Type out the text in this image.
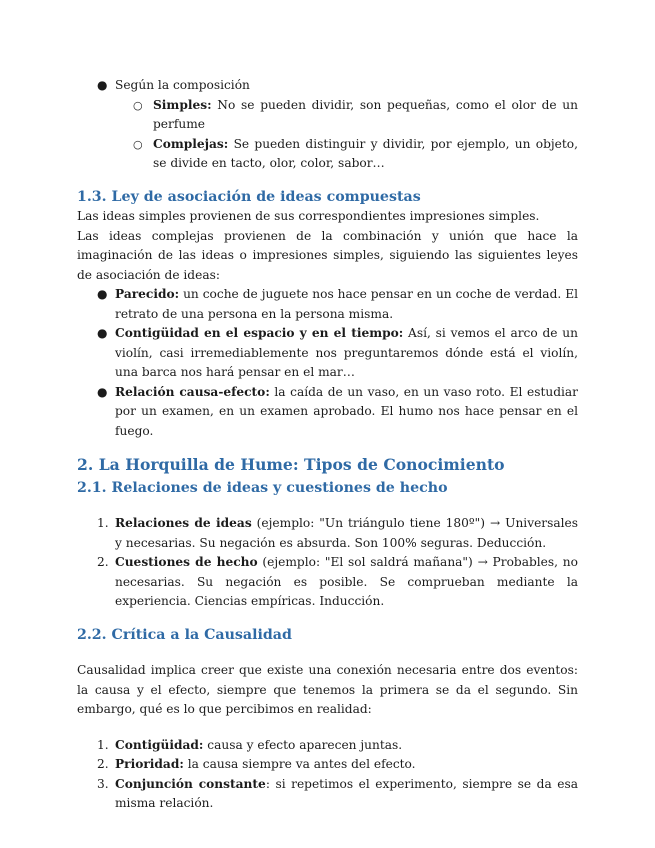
● Según la composición
○ Simples: No se pueden dividir, son pequeñas, como el olor de un perfume
○ Complejas: Se pueden distinguir y dividir, por ejemplo, un objeto, se divide en tacto, olor, color, sabor…
1.3. Ley de asociación de ideas compuestas

Las ideas simples provienen de sus correspondientes impresiones simples.

Las ideas complejas provienen de la combinación y unión que hace la imaginación de las ideas o impresiones simples, siguiendo las siguientes leyes de asociación de ideas:

● Parecido: un coche de juguete nos hace pensar en un coche de verdad. El retrato de una persona en la persona misma.
● Contigüidad en el espacio y en el tiempo: Así, si vemos el arco de un violín, casi irremediablemente nos preguntaremos dónde está el violín, una barca nos hará pensar en el mar…
● Relación causa-efecto: la caída de un vaso, en un vaso roto. El estudiar por un examen, en un examen aprobado. El humo nos hace pensar en el fuego.
2. La Horquilla de Hume: Tipos de Conocimiento
2.1. Relaciones de ideas y cuestiones de hecho
1. Relaciones de ideas (ejemplo: "Un triángulo tiene 180º") → Universales y necesarias. Su negación es absurda. Son 100% seguras. Deducción.
2. Cuestiones de hecho (ejemplo: "El sol saldrá mañana") → Probables, no necesarias. Su negación es posible. Se comprueban mediante la experiencia. Ciencias empíricas. Inducción.
2.2. Crítica a la Causalidad

Causalidad implica creer que existe una conexión necesaria entre dos eventos: la causa y el efecto, siempre que tenemos la primera se da el segundo. Sin embargo, qué es lo que percibimos en realidad:

1. Contigüidad: causa y efecto aparecen juntas.
2. Prioridad: la causa siempre va antes del efecto.
3. Conjunción constante: si repetimos el experimento, siempre se da esa misma relación.
